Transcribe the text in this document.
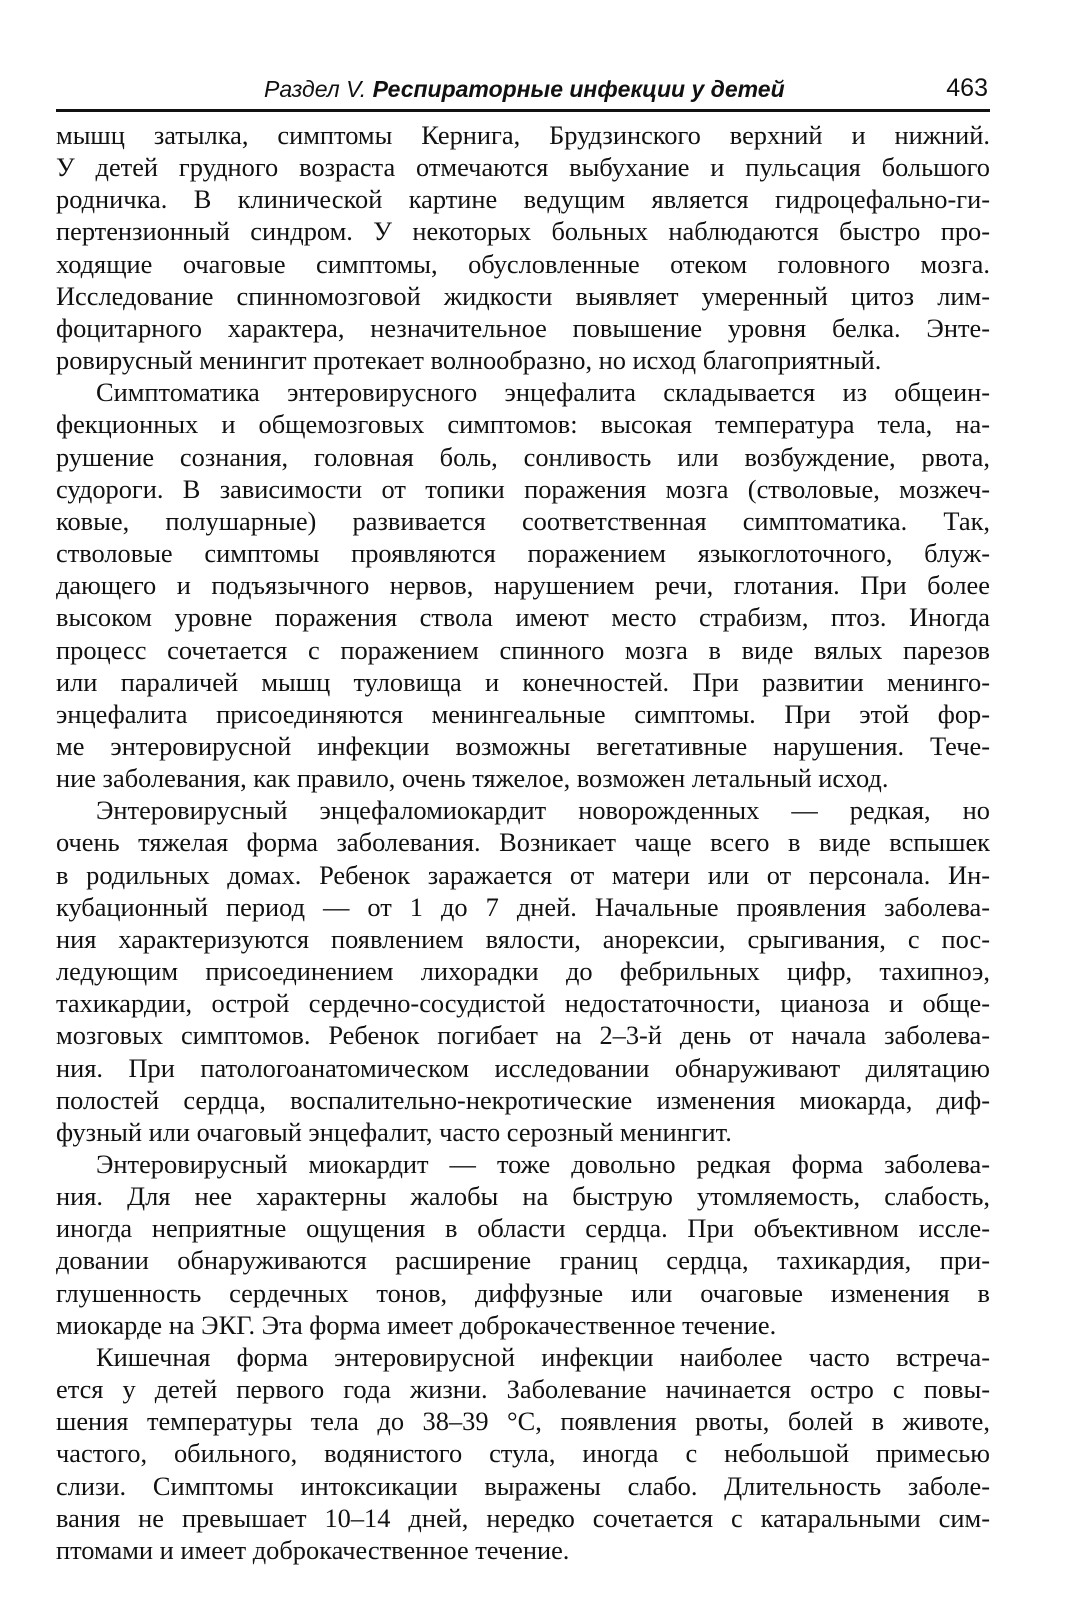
Раздел V. Респираторные инфекции у детей	463

мышц затылка, симптомы Кернига, Брудзинского верхний и нижний.
У детей грудного возраста отмечаются выбухание и пульсация большого
родничка. В клинической картине ведущим является гидроцефально-ги-
пертензионный синдром. У некоторых больных наблюдаются быстро про-
ходящие очаговые симптомы, обусловленные отеком головного мозга.
Исследование спинномозговой жидкости выявляет умеренный цитоз лим-
фоцитарного характера, незначительное повышение уровня белка. Энте-
ровирусный менингит протекает волнообразно, но исход благоприятный.

Симптоматика энтеровирусного энцефалита складывается из общеин-
фекционных и общемозговых симптомов: высокая температура тела, на-
рушение сознания, головная боль, сонливость или возбуждение, рвота,
судороги. В зависимости от топики поражения мозга (стволовые, мозжеч-
ковые, полушарные) развивается соответственная симптоматика. Так,
стволовые симптомы проявляются поражением языкоглоточного, блуж-
дающего и подъязычного нервов, нарушением речи, глотания. При более
высоком уровне поражения ствола имеют место страбизм, птоз. Иногда
процесс сочетается с поражением спинного мозга в виде вялых парезов
или параличей мышц туловища и конечностей. При развитии менинго-
энцефалита присоединяются менингеальные симптомы. При этой фор-
ме энтеровирусной инфекции возможны вегетативные нарушения. Тече-
ние заболевания, как правило, очень тяжелое, возможен летальный исход.

Энтеровирусный энцефаломиокардит новорожденных — редкая, но
очень тяжелая форма заболевания. Возникает чаще всего в виде вспышек
в родильных домах. Ребенок заражается от матери или от персонала. Ин-
кубационный период — от 1 до 7 дней. Начальные проявления заболева-
ния характеризуются появлением вялости, анорексии, срыгивания, с пос-
ледующим присоединением лихорадки до фебрильных цифр, тахипноэ,
тахикардии, острой сердечно-сосудистой недостаточности, цианоза и обще-
мозговых симптомов. Ребенок погибает на 2–3-й день от начала заболева-
ния. При патологоанатомическом исследовании обнаруживают дилятацию
полостей сердца, воспалительно-некротические изменения миокарда, диф-
фузный или очаговый энцефалит, часто серозный менингит.

Энтеровирусный миокардит — тоже довольно редкая форма заболева-
ния. Для нее характерны жалобы на быструю утомляемость, слабость,
иногда неприятные ощущения в области сердца. При объективном иссле-
довании обнаруживаются расширение границ сердца, тахикардия, при-
глушенность сердечных тонов, диффузные или очаговые изменения в
миокарде на ЭКГ. Эта форма имеет доброкачественное течение.

Кишечная форма энтеровирусной инфекции наиболее часто встреча-
ется у детей первого года жизни. Заболевание начинается остро с повы-
шения температуры тела до 38–39 °С, появления рвоты, болей в животе,
частого, обильного, водянистого стула, иногда с небольшой примесью
слизи. Симптомы интоксикации выражены слабо. Длительность заболе-
вания не превышает 10–14 дней, нередко сочетается с катаральными сим-
птомами и имеет доброкачественное течение.
